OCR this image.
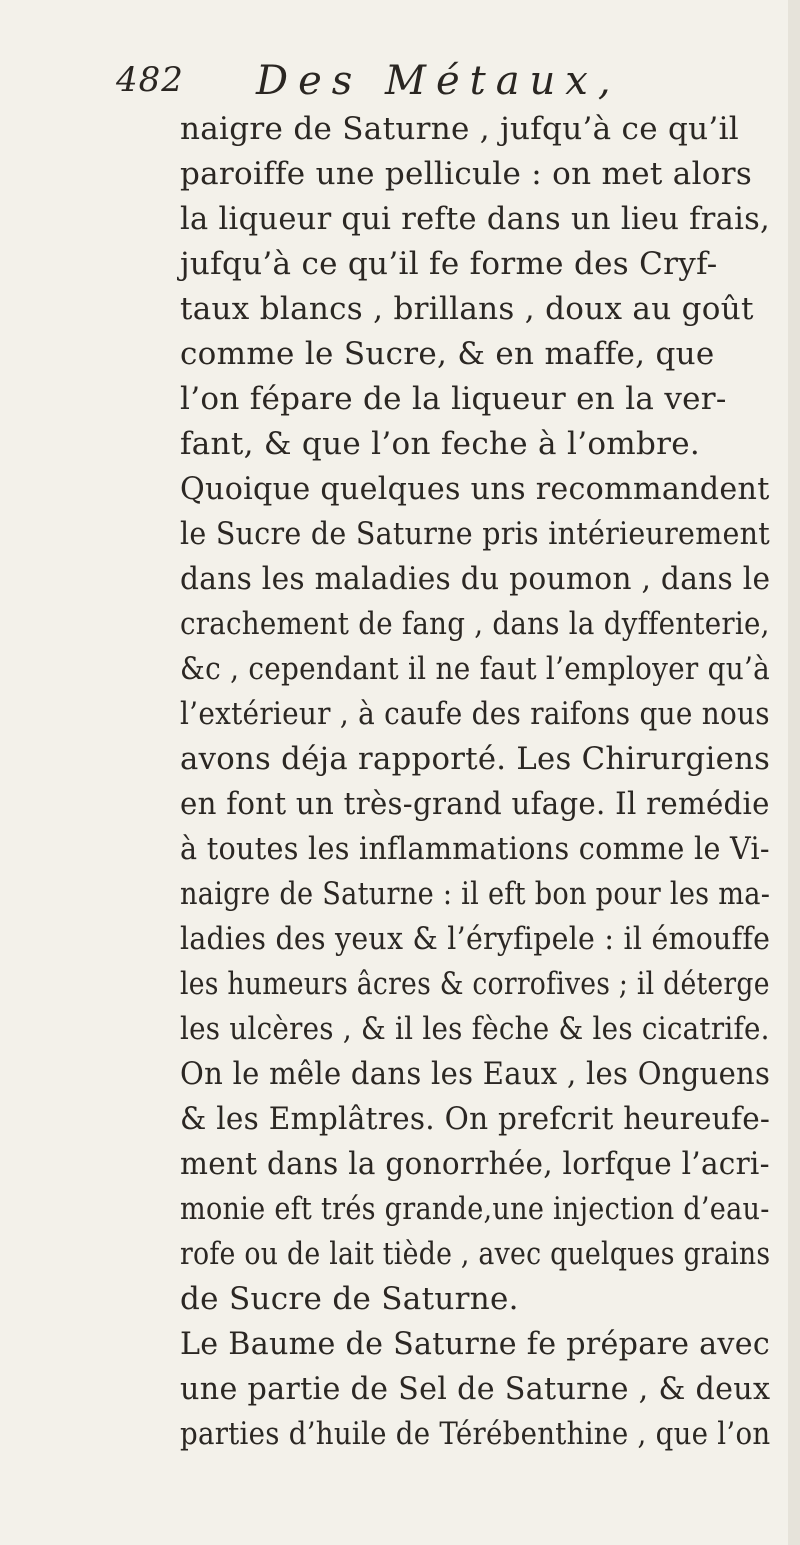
482 Des Métaux,
naigre de Saturne , jufqu’à ce qu’il
paroiffe une pellicule : on met alors
la liqueur qui refte dans un lieu frais,
jufqu’à ce qu’il fe forme des Cryf-
taux blancs , brillans , doux au goût
comme le Sucre, & en maffe, que
l’on fépare de la liqueur en la ver-
fant, & que l’on feche à l’ombre.
Quoique quelques uns recommandent
le Sucre de Saturne pris intérieurement
dans les maladies du poumon , dans le
crachement de fang , dans la dyffenterie,
&c , cependant il ne faut l’employer qu’à
l’extérieur , à caufe des raifons que nous
avons déja rapporté. Les Chirurgiens
en font un très-grand ufage. Il remédie
à toutes les inflammations comme le Vi-
naigre de Saturne : il eft bon pour les ma-
ladies des yeux & l’éryfipele : il émouffe
les humeurs âcres & corrofives ; il déterge
les ulcères , & il les fèche & les cicatrife.
On le mêle dans les Eaux , les Onguens
& les Emplâtres. On prefcrit heureufe-
ment dans la gonorrhée, lorfque l’acri-
monie eft trés grande,une injection d’eau-
rofe ou de lait tiède , avec quelques grains
de Sucre de Saturne.
Le Baume de Saturne fe prépare avec
une partie de Sel de Saturne , & deux
parties d’huile de Térébenthine , que l’on
